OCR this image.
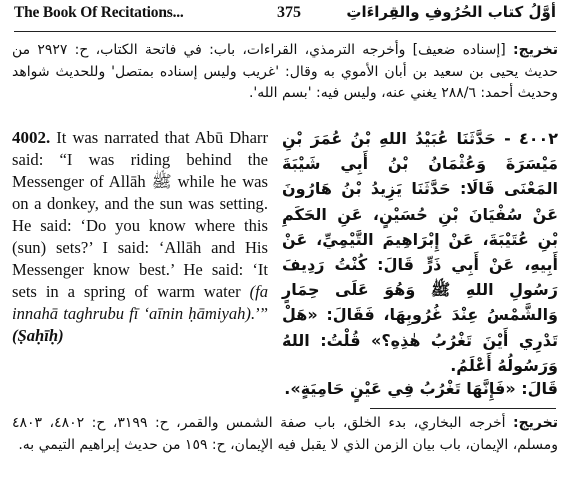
The Book Of Recitations...	375	أوَّلُ كتاب الحُرُوفِ والقِراءَاتِ
تخريج: [إسناده ضعيف] وأخرجه الترمذي، القراءات، باب: في فاتحة الكتاب، ح: ٢٩٢٧ من حديث يحيى بن سعيد بن أبان الأموي به وقال: 'غريب وليس إسناده بمتصل' وللحديث شواهد وحديث أحمد: ٢٨٨/٦ يغني عنه، وليس فيه: 'بسم الله'.
4002. It was narrated that Abū Dharr said: “I was riding behind the Messenger of Allāh ﷺ while he was on a donkey, and the sun was setting. He said: ‘Do you know where this (sun) sets?’ I said: ‘Allāh and His Messenger know best.’ He said: ‘It sets in a spring of warm water (fa innahā taghrubu fī ‘aīnin ḥāmiyah).’” (Ṣaḥīḥ)
٤٠٠٢ - حَدَّثَنَا عُبَيْدُ اللهِ بْنُ عُمَرَ بْنِ مَيْسَرَةَ وَعُثْمَانُ بْنُ أَبِي شَيْبَةَ المَعْنَى قَالَا: حَدَّثَنَا يَزِيدُ بْنُ هَارُونَ عَنْ سُفْيَانَ بْنِ حُسَيْنٍ، عَنِ الحَكَمِ بْنِ عُتَيْبَةَ، عَنْ إِبْرَاهِيمَ التَّيْمِيِّ، عَنْ أَبِيهِ، عَنْ أَبِي ذَرٍّ قَالَ: كُنْتُ رَدِيفَ رَسُولِ اللهِ ﷺ وَهُوَ عَلَى حِمَارٍ وَالشَّمْسُ عِنْدَ غُرُوبِهَا، فَقَالَ: «هَلْ تَدْرِي أَيْنَ تَغْرُبُ هٰذِهِ؟» قُلْتُ: اللهُ وَرَسُولُهُ أَعْلَمُ.
قَالَ: «فَإِنَّهَا تَغْرُبُ فِي عَيْنٍ حَامِيَةٍ».
تخريج: أخرجه البخاري، بدء الخلق، باب صفة الشمس والقمر، ح: ٣١٩٩، ح: ٤٨٠٢، ٤٨٠٣ ومسلم، الإيمان، باب بيان الزمن الذي لا يقبل فيه الإيمان، ح: ١٥٩ من حديث إبراهيم التيمي به.
